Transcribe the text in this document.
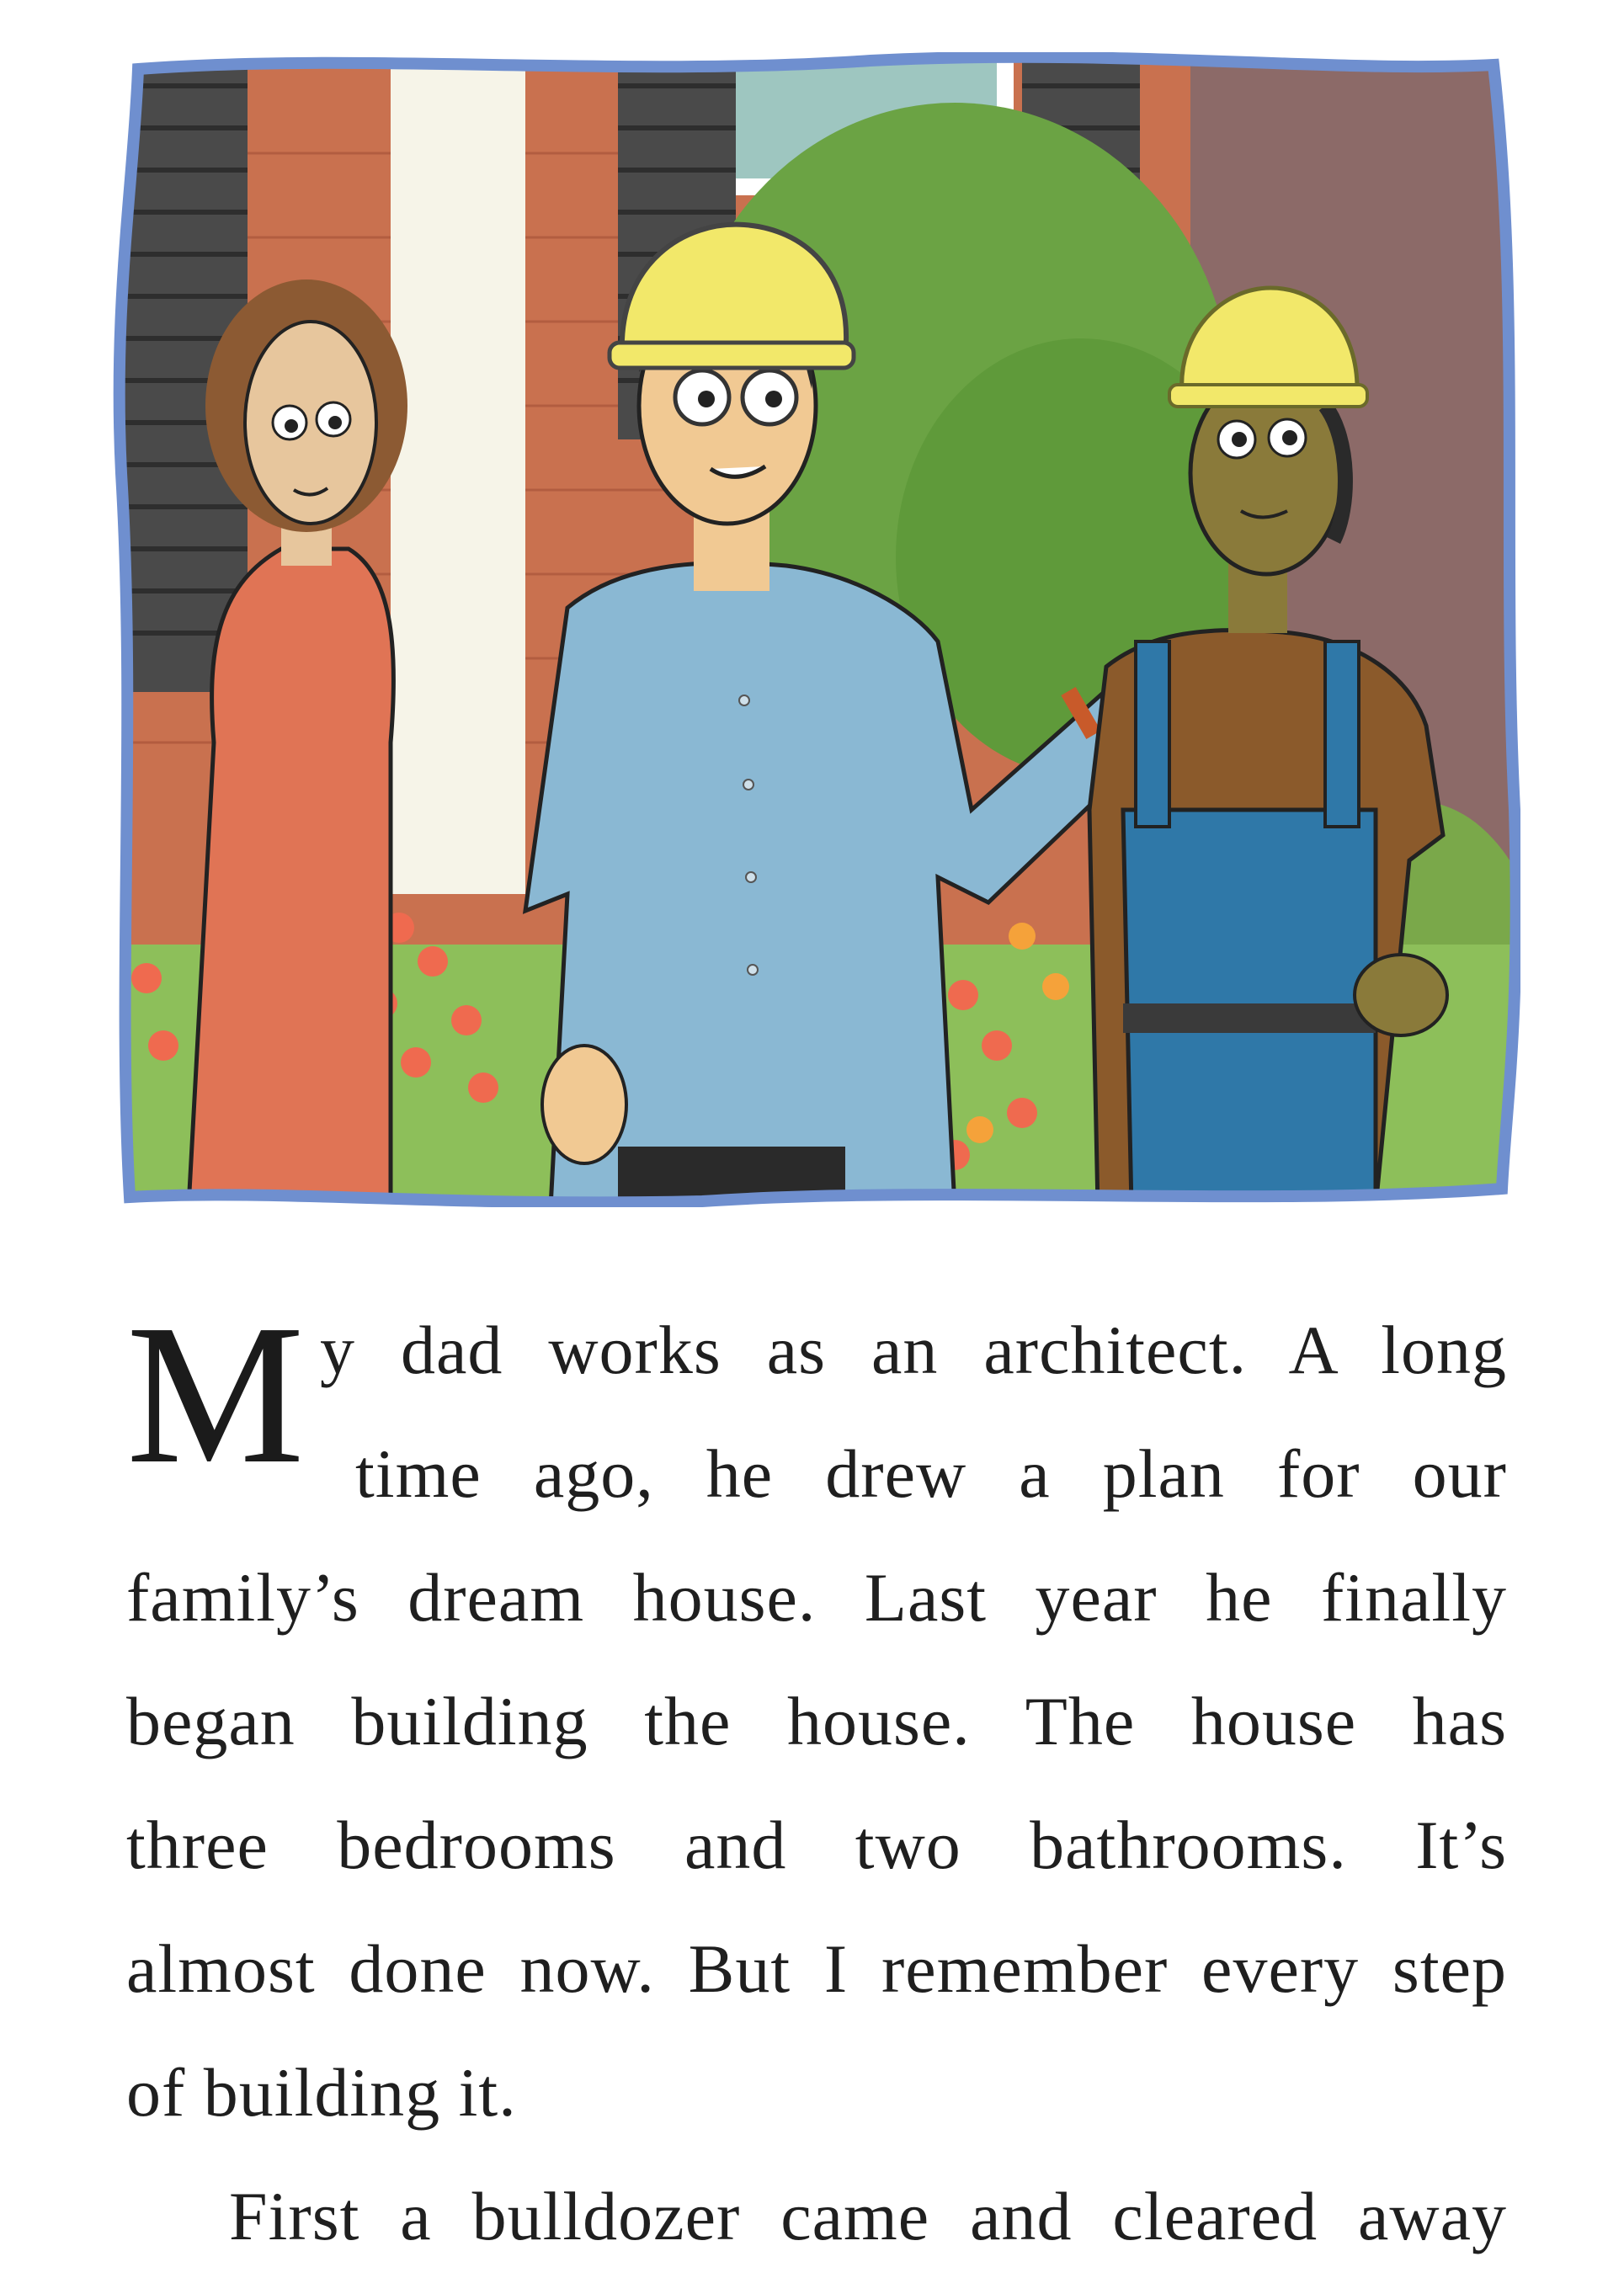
M y dad works as an architect. A long
time ago, he drew a plan for our
family’s dream house. Last year he finally
began building the house. The house has
three bedrooms and two bathrooms. It’s
almost done now. But I remember every step
of building it.
First a bulldozer came and cleared away
